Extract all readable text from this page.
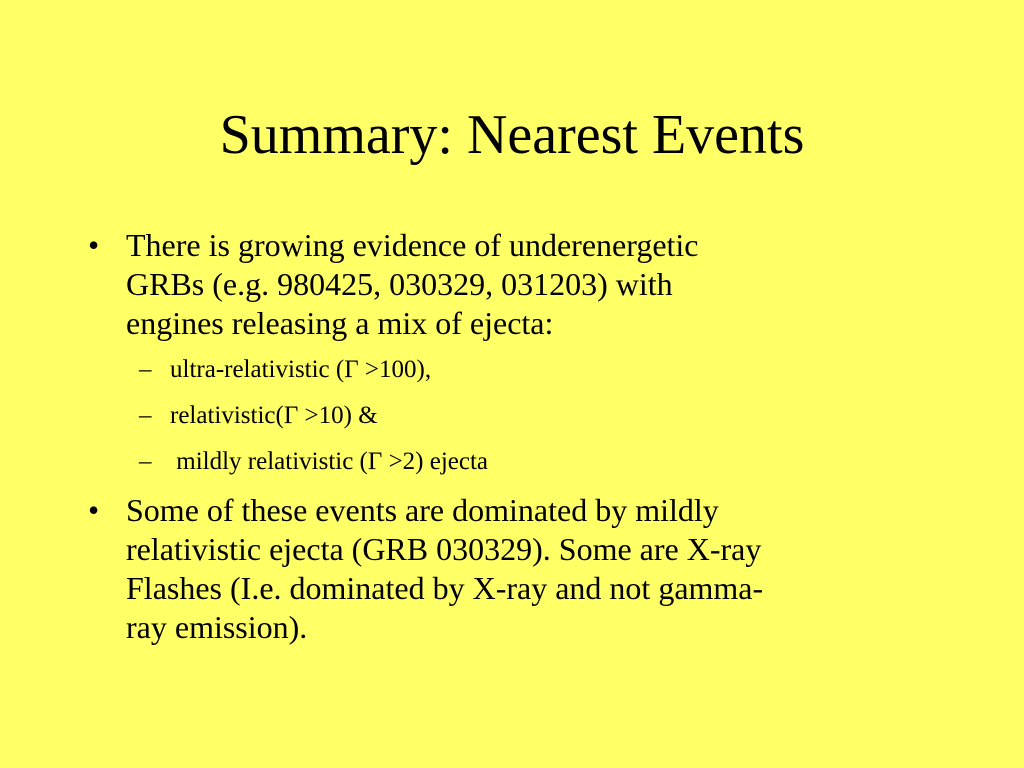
Summary: Nearest Events
• There is growing evidence of underenergetic
GRBs (e.g. 980425, 030329, 031203) with
engines releasing a mix of ejecta:
– ultra-relativistic (Γ >100),
– relativistic(Γ >10) &
– mildly relativistic (Γ >2) ejecta
• Some of these events are dominated by mildly
relativistic ejecta (GRB 030329). Some are X-ray
Flashes (I.e. dominated by X-ray and not gamma-
ray emission).
